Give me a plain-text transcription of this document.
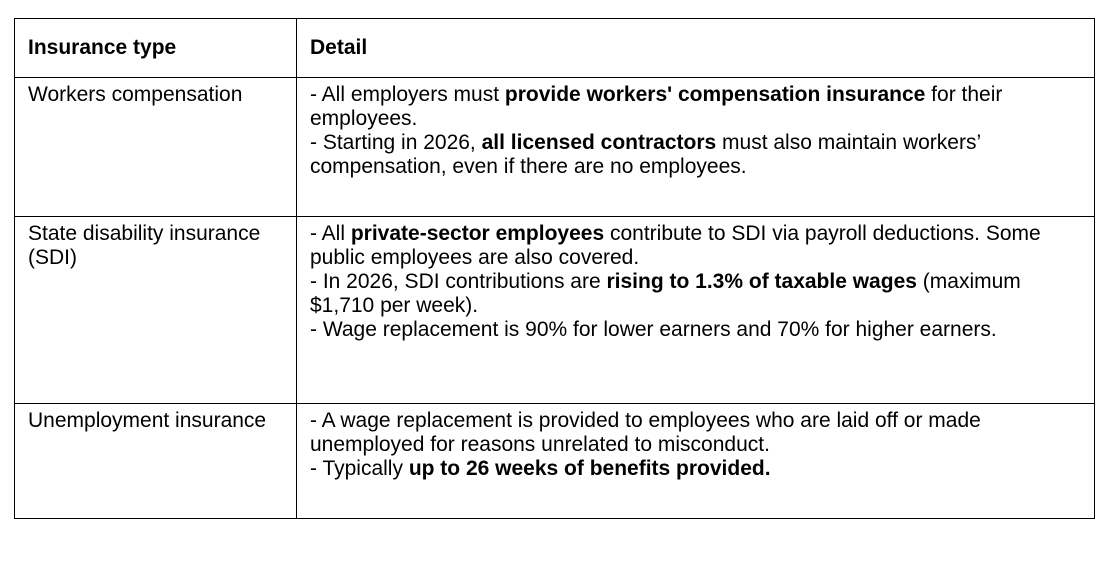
Insurance type	Detail

Workers compensation	- All employers must provide workers' compensation insurance for their employees.
- Starting in 2026, all licensed contractors must also maintain workers’ compensation, even if there are no employees.

State disability insurance (SDI)	- All private-sector employees contribute to SDI via payroll deductions. Some public employees are also covered.
- In 2026, SDI contributions are rising to 1.3% of taxable wages (maximum $1,710 per week).
- Wage replacement is 90% for lower earners and 70% for higher earners.

Unemployment insurance	- A wage replacement is provided to employees who are laid off or made unemployed for reasons unrelated to misconduct.
- Typically up to 26 weeks of benefits provided.
